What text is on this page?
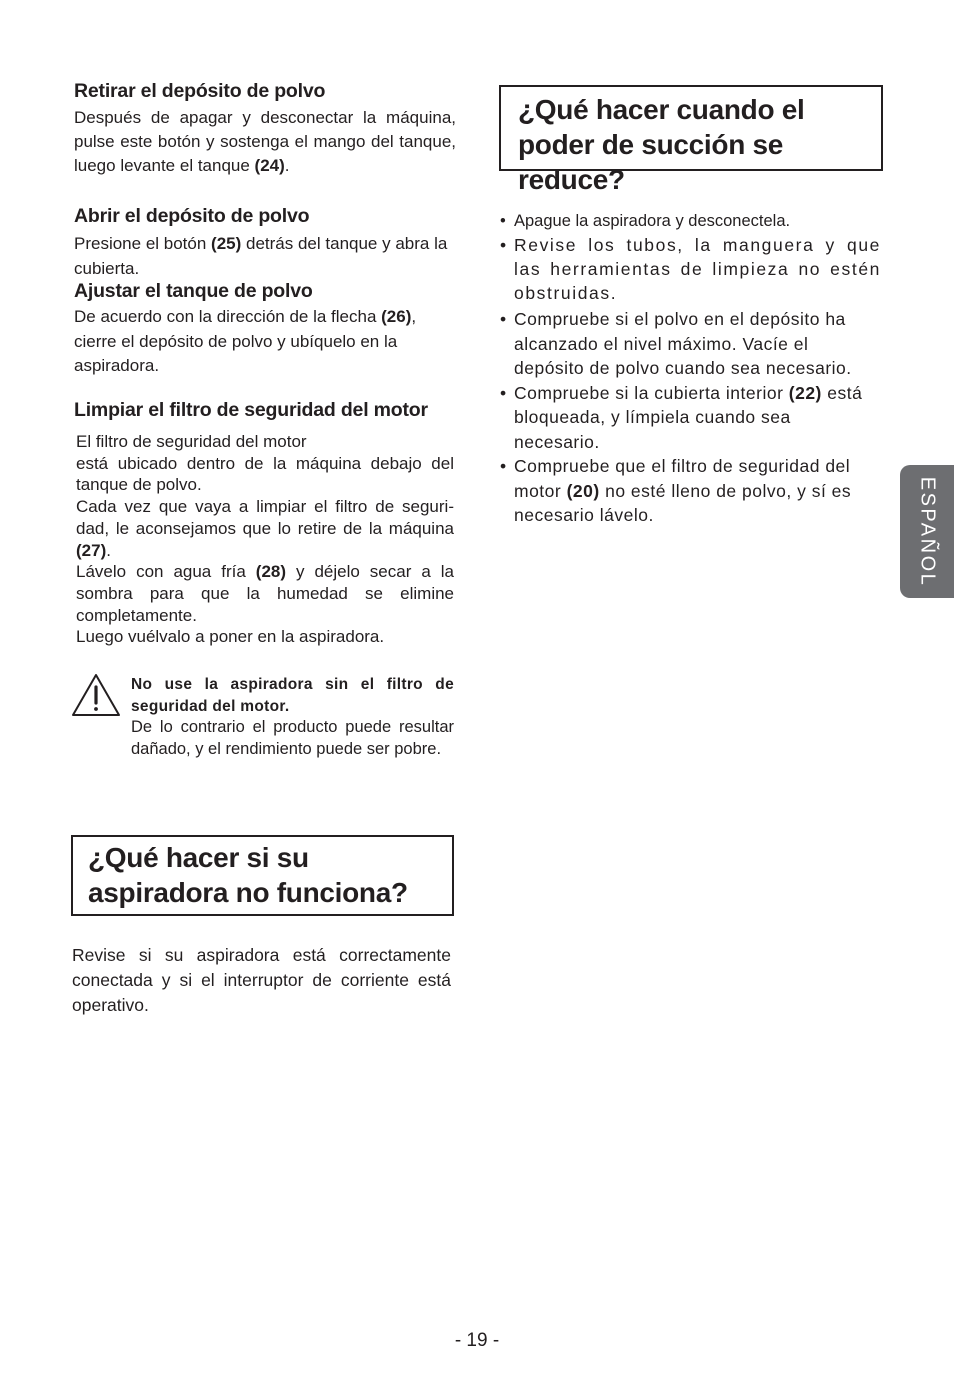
Retirar el depósito de polvo
Después de apagar y desconectar la máquina, pulse este botón y sostenga el mango del tanque, luego levante el tanque (24).
Abrir el depósito de polvo
Presione el botón (25) detrás del tanque y abra la cubierta.
Ajustar el tanque de polvo
De acuerdo con la dirección de la flecha (26), cierre el depósito de polvo y ubíquelo en la aspiradora.
Limpiar el filtro de seguridad del motor
El filtro de seguridad del motor
está ubicado dentro de la máquina debajo del tanque de polvo.
Cada vez que vaya a limpiar el filtro de seguri-dad, le aconsejamos que lo retire de la máquina (27).
Lávelo con agua fría (28) y déjelo secar a la sombra para que la humedad se elimine completamente.
Luego vuélvalo a poner en la aspiradora.
No use la aspiradora sin el filtro de seguridad del motor.
De lo contrario el producto puede resultar dañado, y el rendimiento puede ser pobre.
¿Qué hacer si su aspiradora no funciona?
Revise si su aspiradora está correctamente conectada y si el interruptor de corriente está operativo.
¿Qué hacer cuando el poder de succión se reduce?
• Apague la aspiradora y desconectela.
• Revise los tubos, la manguera y que las herramientas de limpieza no estén obstruidas.
• Compruebe si el polvo en el depósito ha alcanzado el nivel máximo. Vacíe el depósito de polvo cuando sea necesario.
• Compruebe si la cubierta interior (22) está bloqueada, y límpiela cuando sea necesario.
• Compruebe que el filtro de seguridad del motor (20) no esté lleno de polvo, y sí es necesario lávelo.	ESPAÑOL
- 19 -
